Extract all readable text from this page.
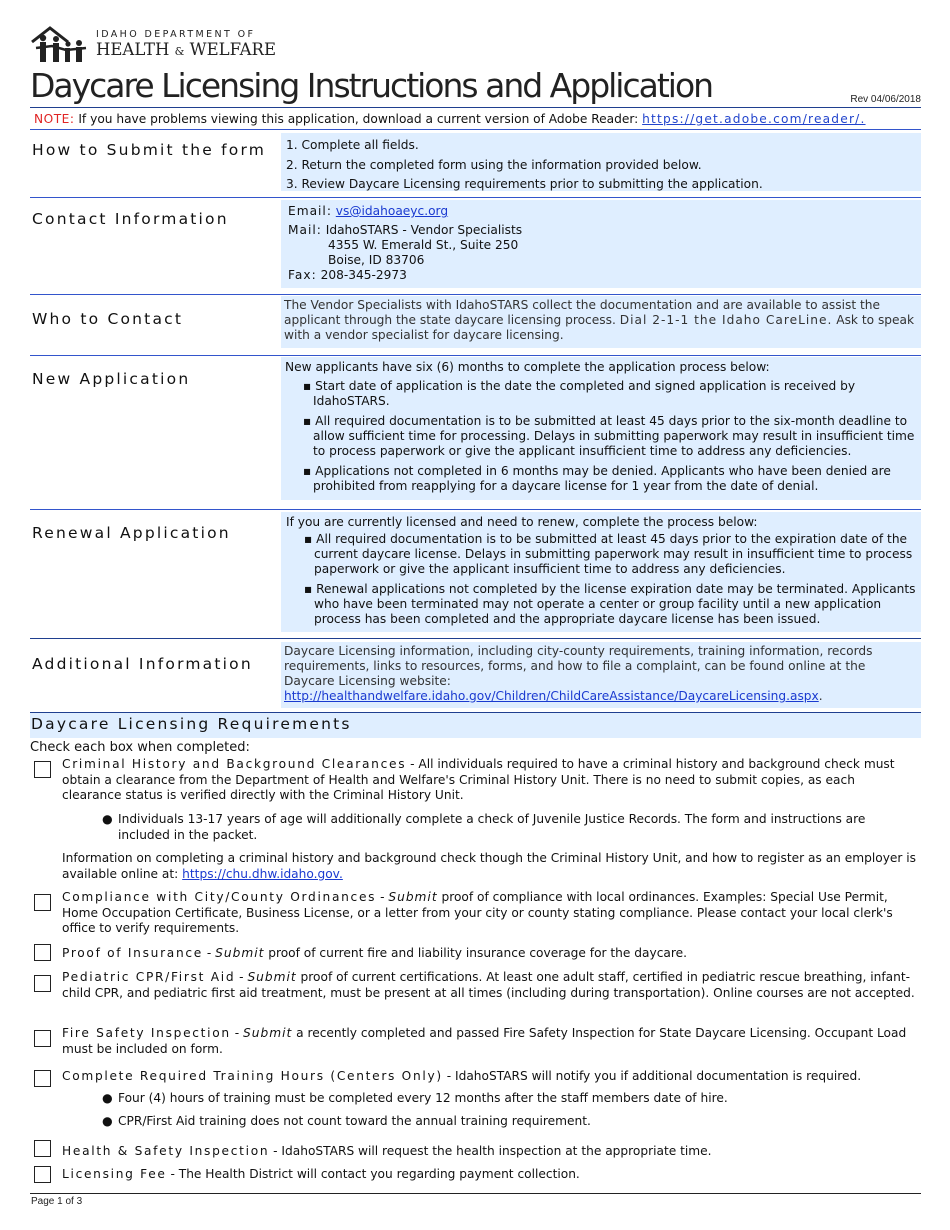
IDAHO DEPARTMENT OF
HEALTH & WELFARE
Daycare Licensing Instructions and Application	Rev 04/06/2018
NOTE: If you have problems viewing this application, download a current version of Adobe Reader: https://get.adobe.com/reader/.
How to Submit the form 1. Complete all fields.

2. Return the completed form using the information provided below.

3. Review Daycare Licensing requirements prior to submitting the application.

Contact Information	Email: vs@idahoaeyc.org

Mail: IdahoSTARS - Vendor Specialists

4355 W. Emerald St., Suite 250

Boise, ID 83706

Fax: 208-345-2973

Who to Contact
The Vendor Specialists with IdahoSTARS collect the documentation and are available to assist the applicant through the state daycare licensing process. Dial 2-1-1 the Idaho CareLine. Ask to speak with a vendor specialist for daycare licensing.
New Application

New applicants have six (6) months to complete the application process below:

▪ Start date of application is the date the completed and signed application is received by IdahoSTARS.

▪ All required documentation is to be submitted at least 45 days prior to the six-month deadline to allow sufficient time for processing. Delays in submitting paperwork may result in insufficient time to process paperwork or give the applicant insufficient time to address any deficiencies.

▪ Applications not completed in 6 months may be denied. Applicants who have been denied are prohibited from reapplying for a daycare license for 1 year from the date of denial.

Renewal Application

If you are currently licensed and need to renew, complete the process below:

▪ All required documentation is to be submitted at least 45 days prior to the expiration date of the current daycare license. Delays in submitting paperwork may result in insufficient time to process paperwork or give the applicant insufficient time to address any deficiencies.

▪ Renewal applications not completed by the license expiration date may be terminated. Applicants who have been terminated may not operate a center or group facility until a new application process has been completed and the appropriate daycare license has been issued.

Additional Information

Daycare Licensing information, including city-county requirements, training information, records requirements, links to resources, forms, and how to file a complaint, can be found online at the Daycare Licensing website:

http://healthandwelfare.idaho.gov/Children/ChildCareAssistance/DaycareLicensing.aspx.

Daycare Licensing Requirements
Check each box when completed:
Criminal History and Background Clearances - All individuals required to have a criminal history and background check must obtain a clearance from the Department of Health and Welfare's Criminal History Unit. There is no need to submit copies, as each clearance status is verified directly with the Criminal History Unit.
● Individuals 13-17 years of age will additionally complete a check of Juvenile Justice Records. The form and instructions are included in the packet.
Information on completing a criminal history and background check though the Criminal History Unit, and how to register as an employer is available online at: https://chu.dhw.idaho.gov.
Compliance with City/County Ordinances - Submit proof of compliance with local ordinances. Examples: Special Use Permit, Home Occupation Certificate, Business License, or a letter from your city or county stating compliance. Please contact your local clerk's office to verify requirements.
Proof of Insurance - Submit proof of current fire and liability insurance coverage for the daycare.
Pediatric CPR/First Aid - Submit proof of current certifications. At least one adult staff, certified in pediatric rescue breathing, infant-child CPR, and pediatric first aid treatment, must be present at all times (including during transportation). Online courses are not accepted.
Fire Safety Inspection - Submit a recently completed and passed Fire Safety Inspection for State Daycare Licensing. Occupant Load must be included on form.
Complete Required Training Hours (Centers Only) - IdahoSTARS will notify you if additional documentation is required.
● Four (4) hours of training must be completed every 12 months after the staff members date of hire.
● CPR/First Aid training does not count toward the annual training requirement.
Health & Safety Inspection - IdahoSTARS will request the health inspection at the appropriate time.
Licensing Fee - The Health District will contact you regarding payment collection.
Page 1 of 3
